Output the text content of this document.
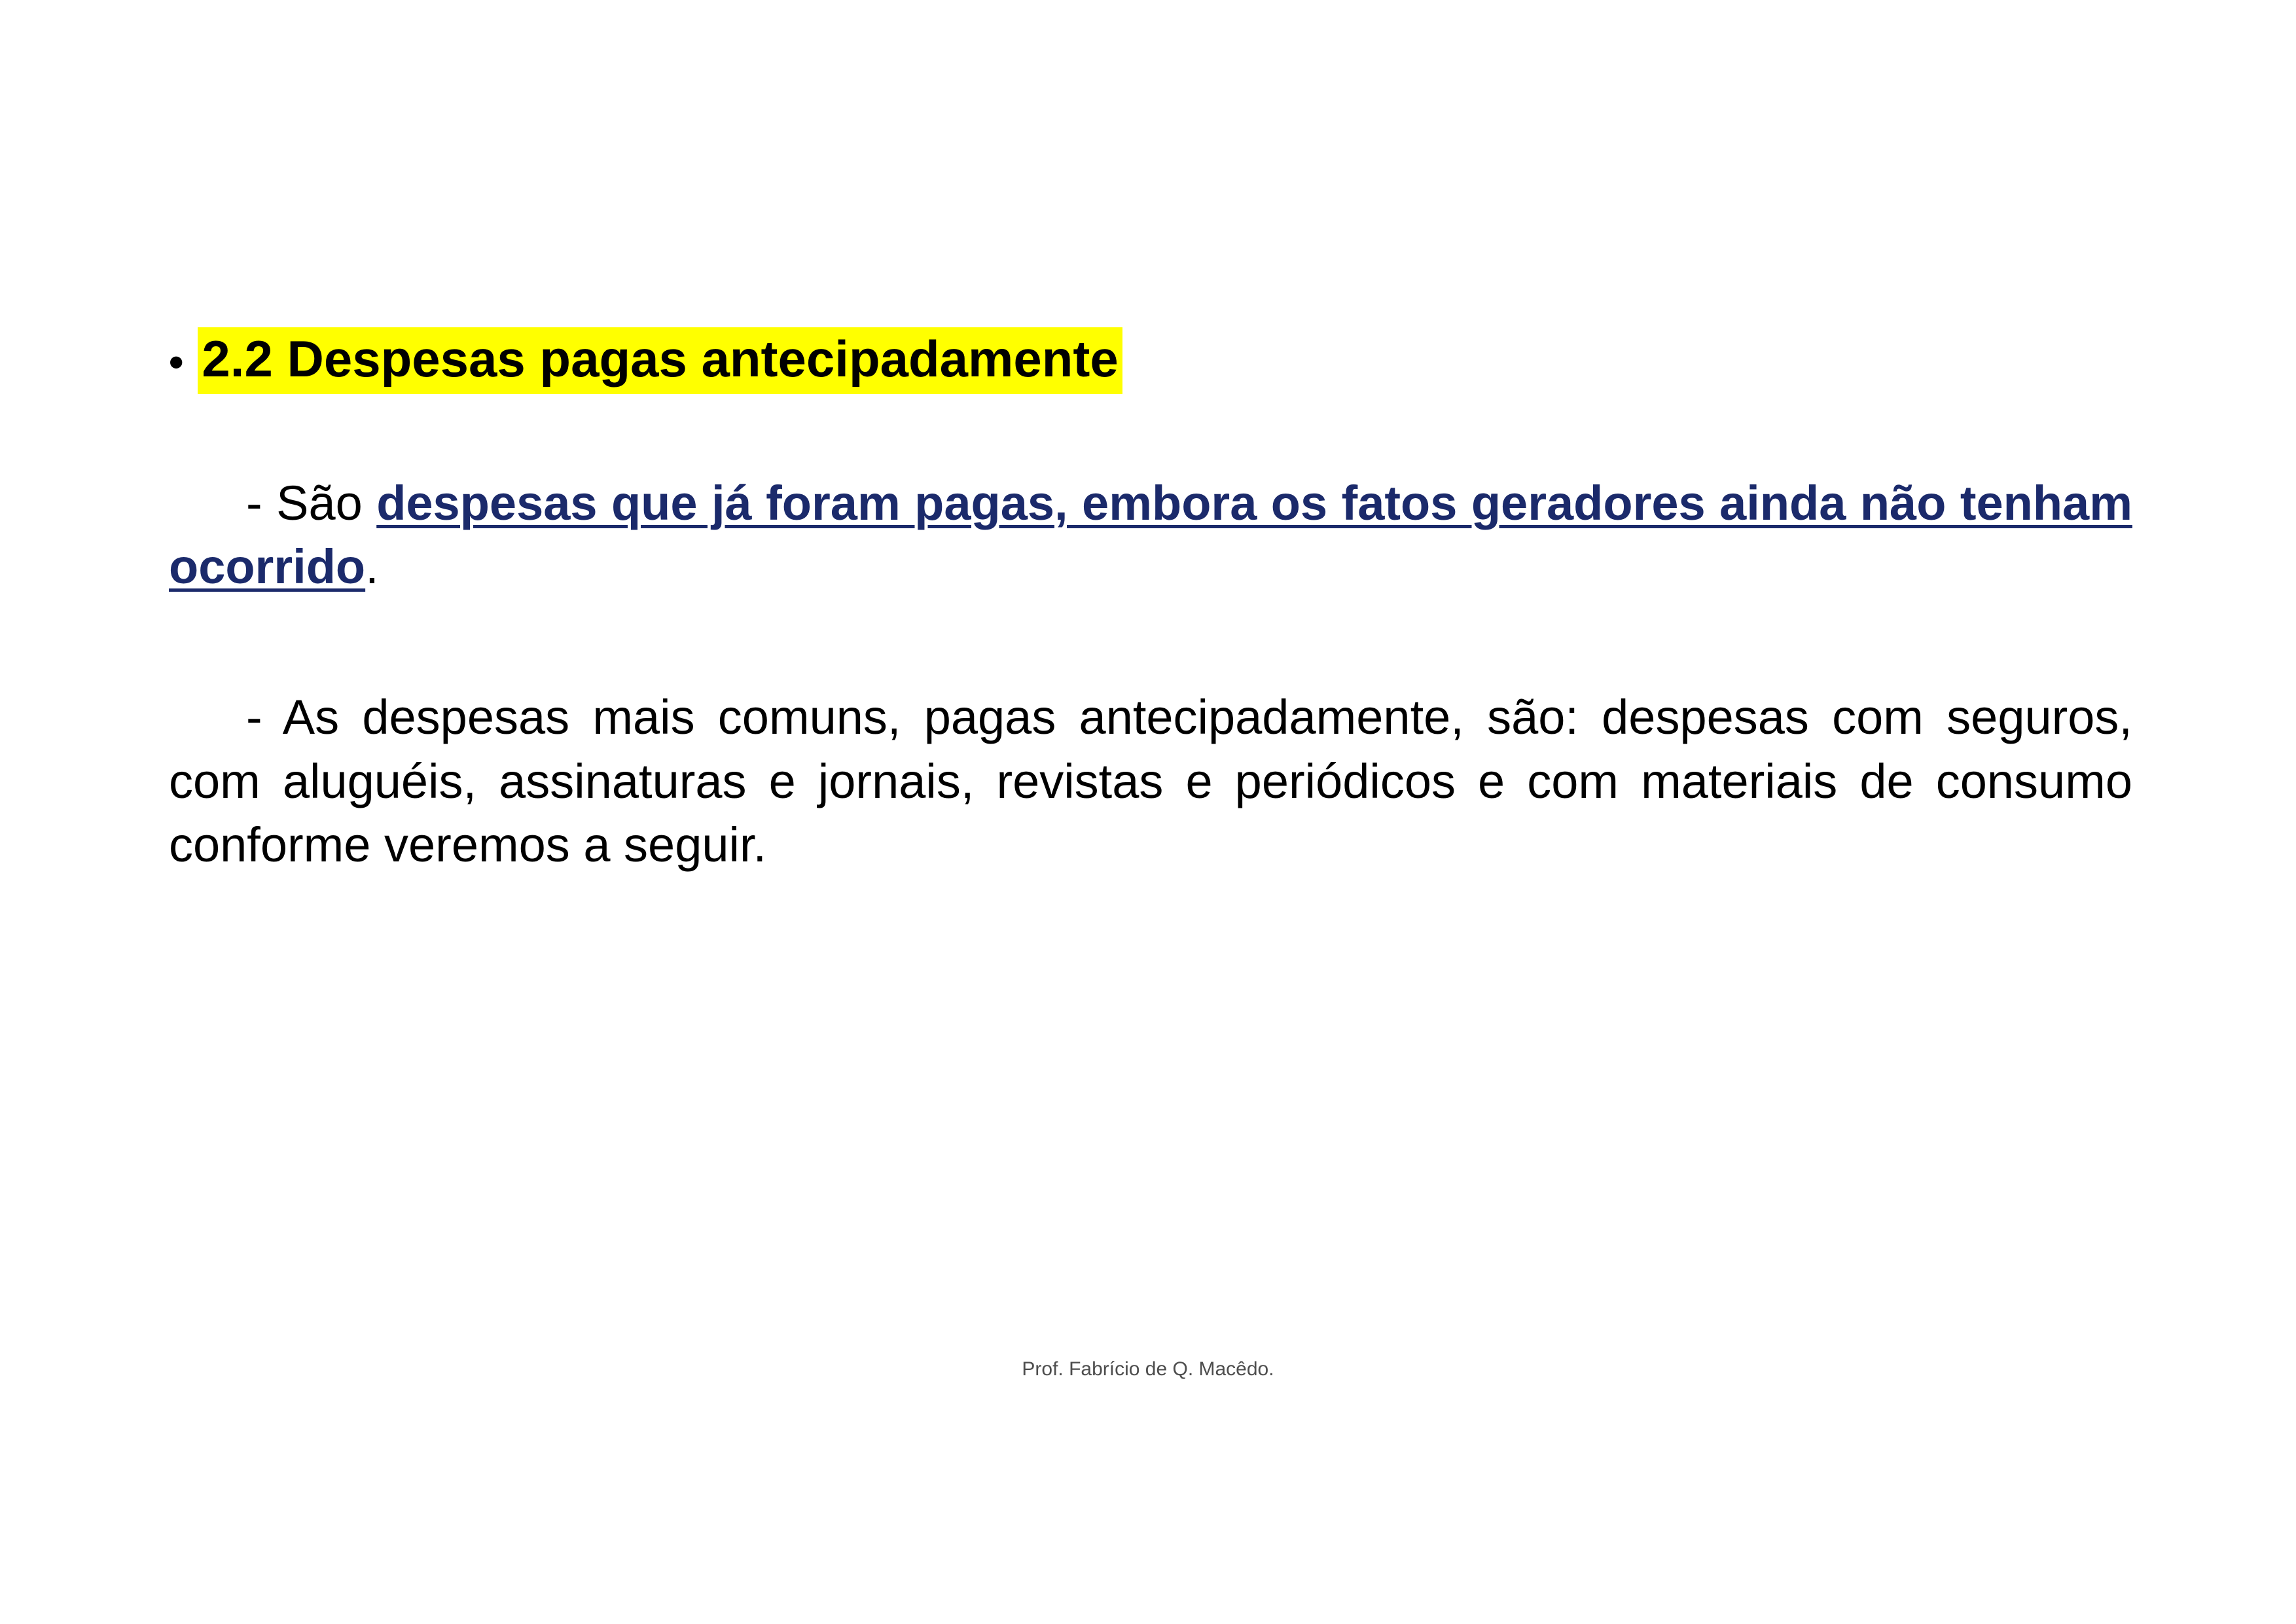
• 2.2 Despesas pagas antecipadamente

- São despesas que já foram pagas, embora os fatos geradores ainda não tenham ocorrido.

- As despesas mais comuns, pagas antecipadamente, são: despesas com seguros, com aluguéis, assinaturas e jornais, revistas e periódicos e com materiais de consumo conforme veremos a seguir.

Prof. Fabrício de Q. Macêdo.
